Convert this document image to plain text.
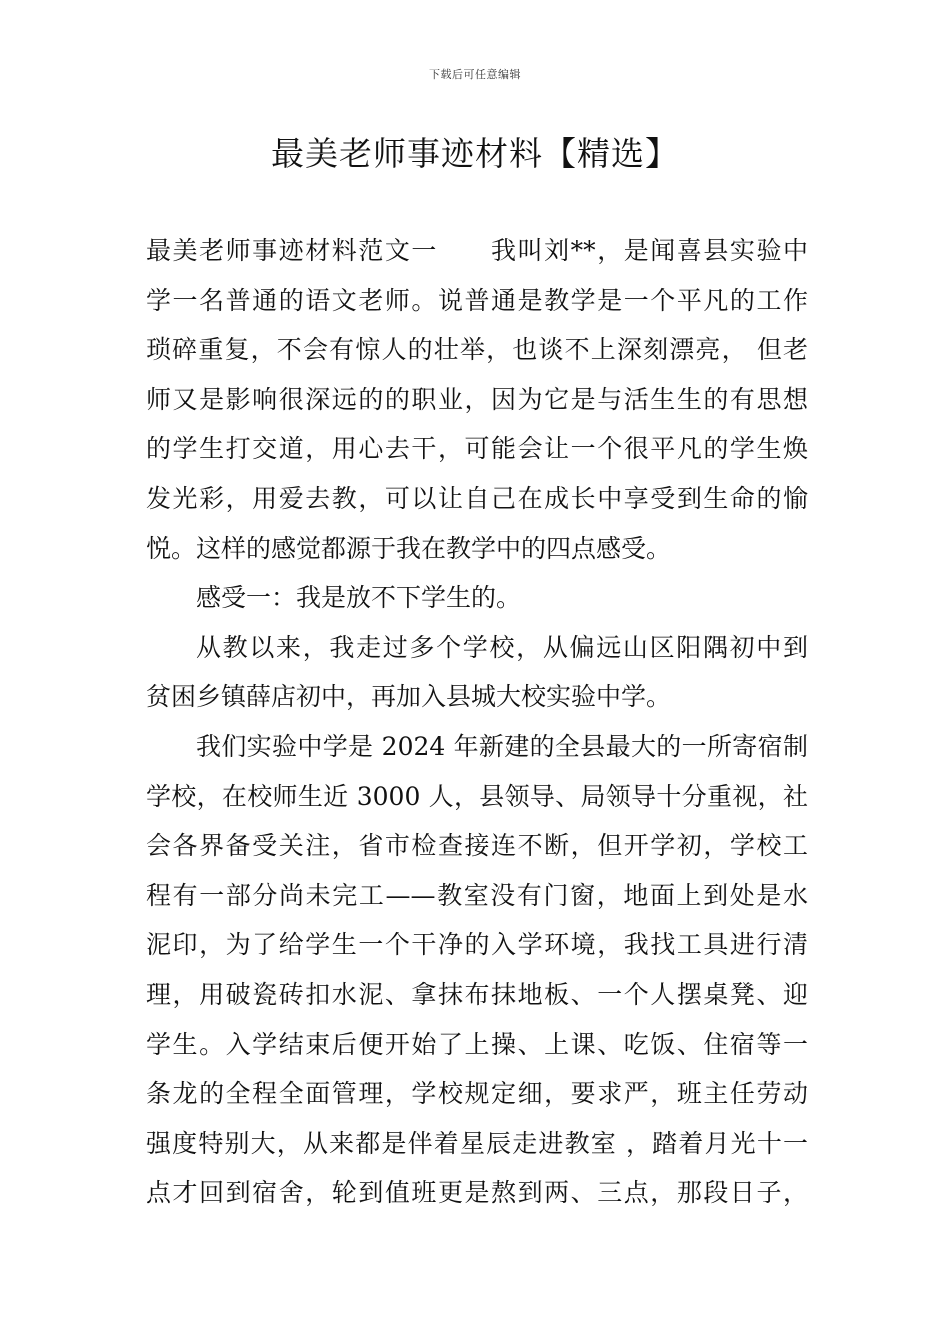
下载后可任意编辑
最美老师事迹材料【精选】
最美老师事迹材料范文一　　我叫刘**，是闻喜县实验中
学一名普通的语文老师。说普通是教学是一个平凡的工作
琐碎重复，不会有惊人的壮举，也谈不上深刻漂亮， 但老
师又是影响很深远的的职业，因为它是与活生生的有思想
的学生打交道，用心去干，可能会让一个很平凡的学生焕
发光彩，用爱去教，可以让自己在成长中享受到生命的愉
悦。这样的感觉都源于我在教学中的四点感受。
感受一：我是放不下学生的。
从教以来，我走过多个学校，从偏远山区阳隅初中到
贫困乡镇薛店初中，再加入县城大校实验中学。
我们实验中学是 2024 年新建的全县最大的一所寄宿制
学校，在校师生近 3000 人，县领导、局领导十分重视，社
会各界备受关注，省市检查接连不断，但开学初，学校工
程有一部分尚未完工——教室没有门窗，地面上到处是水
泥印，为了给学生一个干净的入学环境，我找工具进行清
理，用破瓷砖扣水泥、拿抹布抹地板、一个人摆桌凳、迎
学生。入学结束后便开始了上操、上课、吃饭、住宿等一
条龙的全程全面管理，学校规定细，要求严，班主任劳动
强度特别大，从来都是伴着星辰走进教室 ，踏着月光十一
点才回到宿舍，轮到值班更是熬到两、三点，那段日子，
